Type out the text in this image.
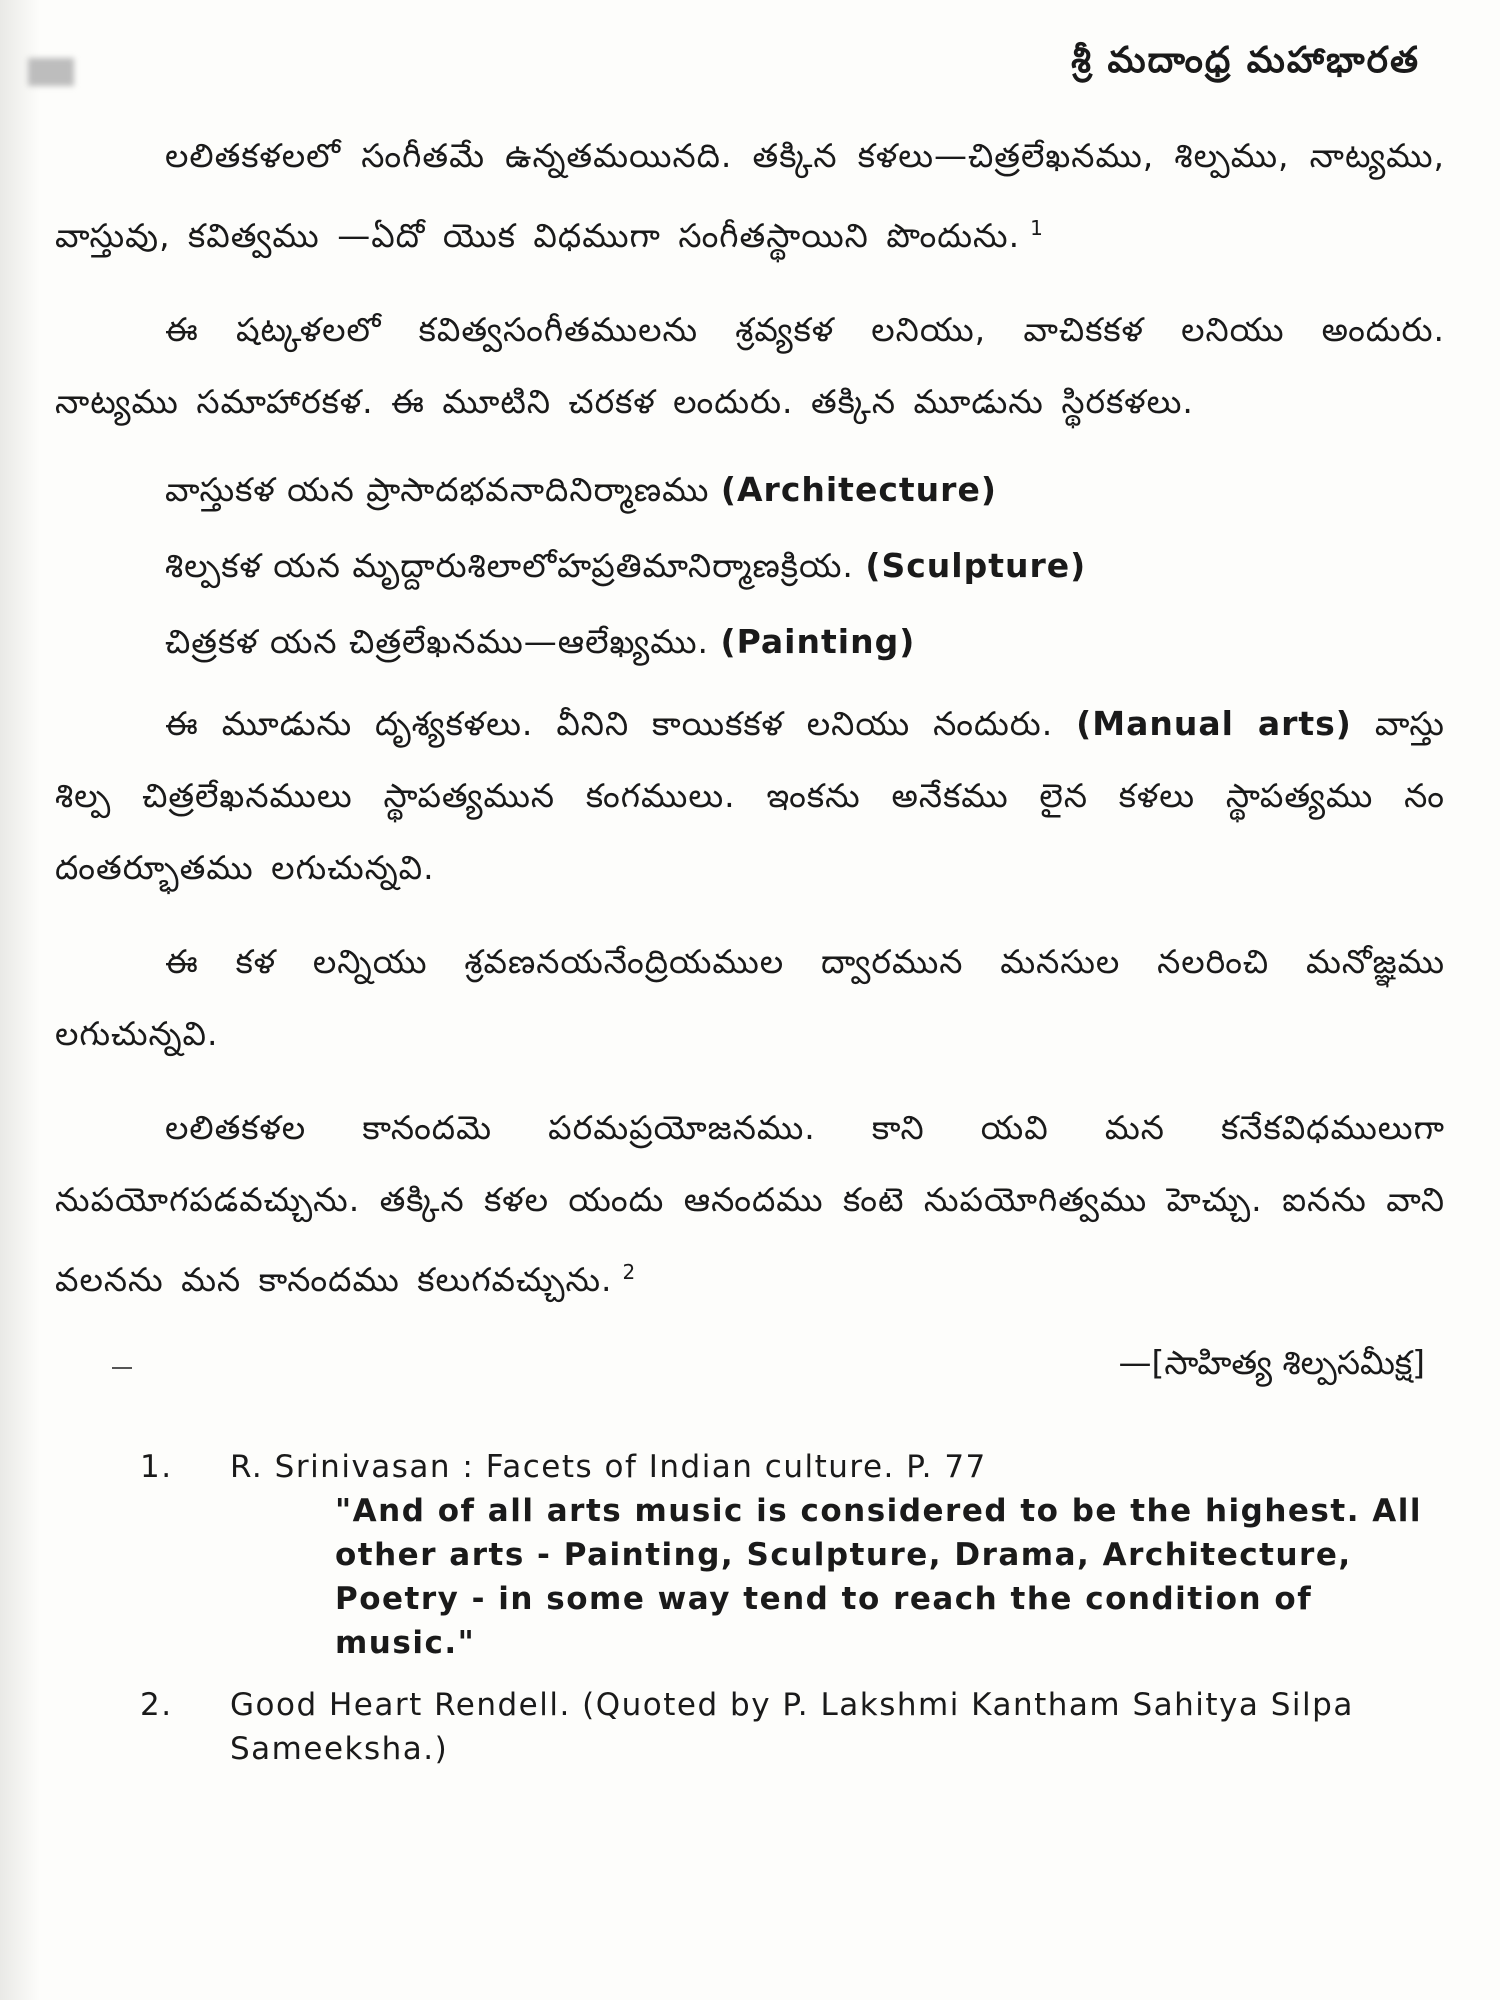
శ్రీ మదాంధ్ర మహాభారత

లలితకళలలో సంగీతమే ఉన్నతమయినది. తక్కిన కళలు—చిత్రలేఖనము, శిల్పము, నాట్యము, వాస్తువు, కవిత్వము —ఏదో యొక విధముగా సంగీతస్థాయిని పొందును. $^1$

ఈ షట్కళలలో కవిత్వసంగీతములను శ్రవ్యకళ లనియు, వాచికకళ లనియు అందురు. నాట్యము సమాహారకళ. ఈ మూటిని చరకళ లందురు. తక్కిన మూడును స్థిరకళలు.

వాస్తుకళ యన ప్రాసాదభవనాదినిర్మాణము (Architecture)
శిల్పకళ యన మృద్దారుశిలాలోహప్రతిమానిర్మాణక్రియ. (Sculpture)
చిత్రకళ యన చిత్రలేఖనము—ఆలేఖ్యము. (Painting)

ఈ మూడును దృశ్యకళలు. వీనిని కాయికకళ లనియు నందురు. (Manual arts) వాస్తు శిల్ప చిత్రలేఖనములు స్థాపత్యమున కంగములు. ఇంకను అనేకము లైన కళలు స్థాపత్యము నం దంతర్భూతము లగుచున్నవి.

ఈ కళ లన్నియు శ్రవణనయనేంద్రియముల ద్వారమున మనసుల నలరించి మనోజ్ఞము లగుచున్నవి.

లలితకళల కానందమె పరమప్రయోజనము. కాని యవి మన కనేకవిధములుగా నుపయోగపడవచ్చును. తక్కిన కళల యందు ఆనందము కంటె నుపయోగిత్వము హెచ్చు. ఐనను వాని వలనను మన కానందము కలుగవచ్చును. $^2$

—[సాహిత్య శిల్పసమీక్ష]
1.	R. Srinivasan : Facets of Indian culture. P. 77
"And of all arts music is considered to be the highest. All other arts - Painting, Sculpture, Drama, Architecture, Poetry - in some way tend to reach the condition of music."
2.	Good Heart Rendell. (Quoted by P. Lakshmi Kantham Sahitya Silpa Sameeksha.)
